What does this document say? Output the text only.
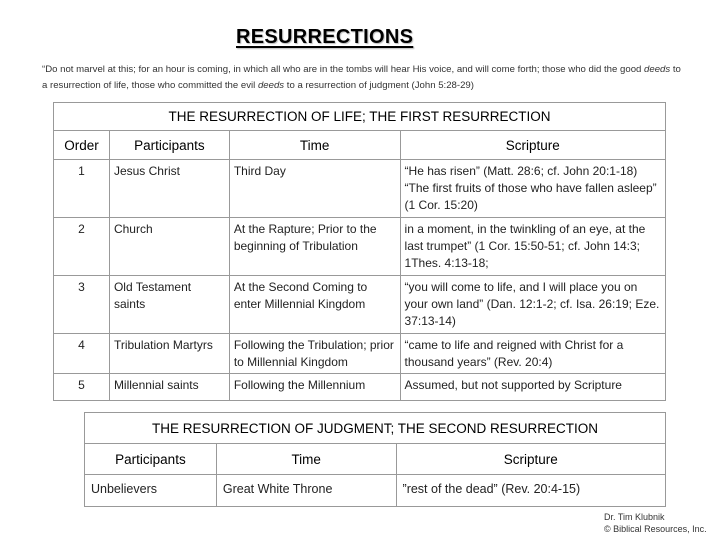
RESURRECTIONS
“Do not marvel at this; for an hour is coming, in which all who are in the tombs will hear His voice, and will come forth; those who did the good deeds to a resurrection of life, those who committed the evil deeds to a resurrection of judgment (John 5:28-29)
THE RESURRECTION OF LIFE; THE FIRST RESURRECTION			
Order	Participants	Time	Scripture
1	Jesus Christ	Third Day	“He has risen” (Matt. 28:6; cf. John 20:1-18) “The first fruits of those who have fallen asleep” (1 Cor. 15:20)
2	Church	At the Rapture; Prior to the beginning of Tribulation	in a moment, in the twinkling of an eye, at the last trumpet” (1 Cor. 15:50-51; cf. John 14:3; 1Thes. 4:13-18;
3	Old Testament saints	At the Second Coming to enter Millennial Kingdom	“you will come to life, and I will place you on your own land” (Dan. 12:1-2; cf. Isa. 26:19; Eze. 37:13-14)
4	Tribulation Martyrs	Following the Tribulation; prior to Millennial Kingdom	“came to life and reigned with Christ for a thousand years” (Rev. 20:4)
5	Millennial saints	Following the Millennium	Assumed, but not supported by Scripture
THE RESURRECTION OF JUDGMENT; THE SECOND RESURRECTION		
Participants	Time	Scripture
Unbelievers	Great White Throne	”rest of the dead” (Rev. 20:4-15)
Dr. Tim Klubnik
© Biblical Resources, Inc.
